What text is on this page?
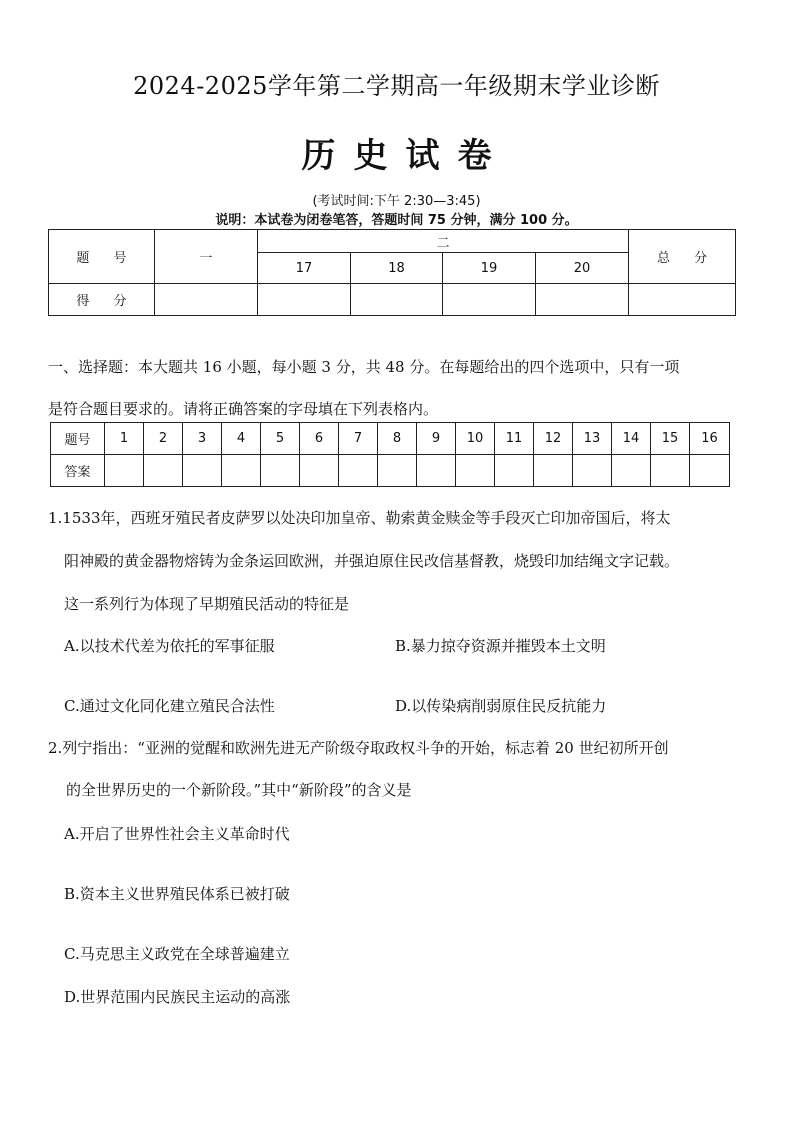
2024-2025学年第二学期高一年级期末学业诊断
历史试卷
(考试时间:下午 2:30—3:45)
说明：本试卷为闭卷笔答，答题时间 75 分钟，满分 100 分。
题 号	一	二				总 分
		17	18	19	20	
得 分						
一、选择题：本大题共 16 小题，每小题 3 分，共 48 分。在每题给出的四个选项中，只有一项
是符合题目要求的。请将正确答案的字母填在下列表格内。
题号	1	2	3	4	5	6	7	8	9	10	11	12	13	14	15	16
答案																
1.1533年，西班牙殖民者皮萨罗以处决印加皇帝、勒索黄金赎金等手段灭亡印加帝国后，将太
阳神殿的黄金器物熔铸为金条运回欧洲，并强迫原住民改信基督教，烧毁印加结绳文字记载。
这一系列行为体现了早期殖民活动的特征是
A.以技术代差为依托的军事征服	B.暴力掠夺资源并摧毁本土文明
C.通过文化同化建立殖民合法性	D.以传染病削弱原住民反抗能力
2.列宁指出：“亚洲的觉醒和欧洲先进无产阶级夺取政权斗争的开始，标志着 20 世纪初所开创
的全世界历史的一个新阶段。”其中“新阶段”的含义是
A.开启了世界性社会主义革命时代
B.资本主义世界殖民体系已被打破
C.马克思主义政党在全球普遍建立
D.世界范围内民族民主运动的高涨
